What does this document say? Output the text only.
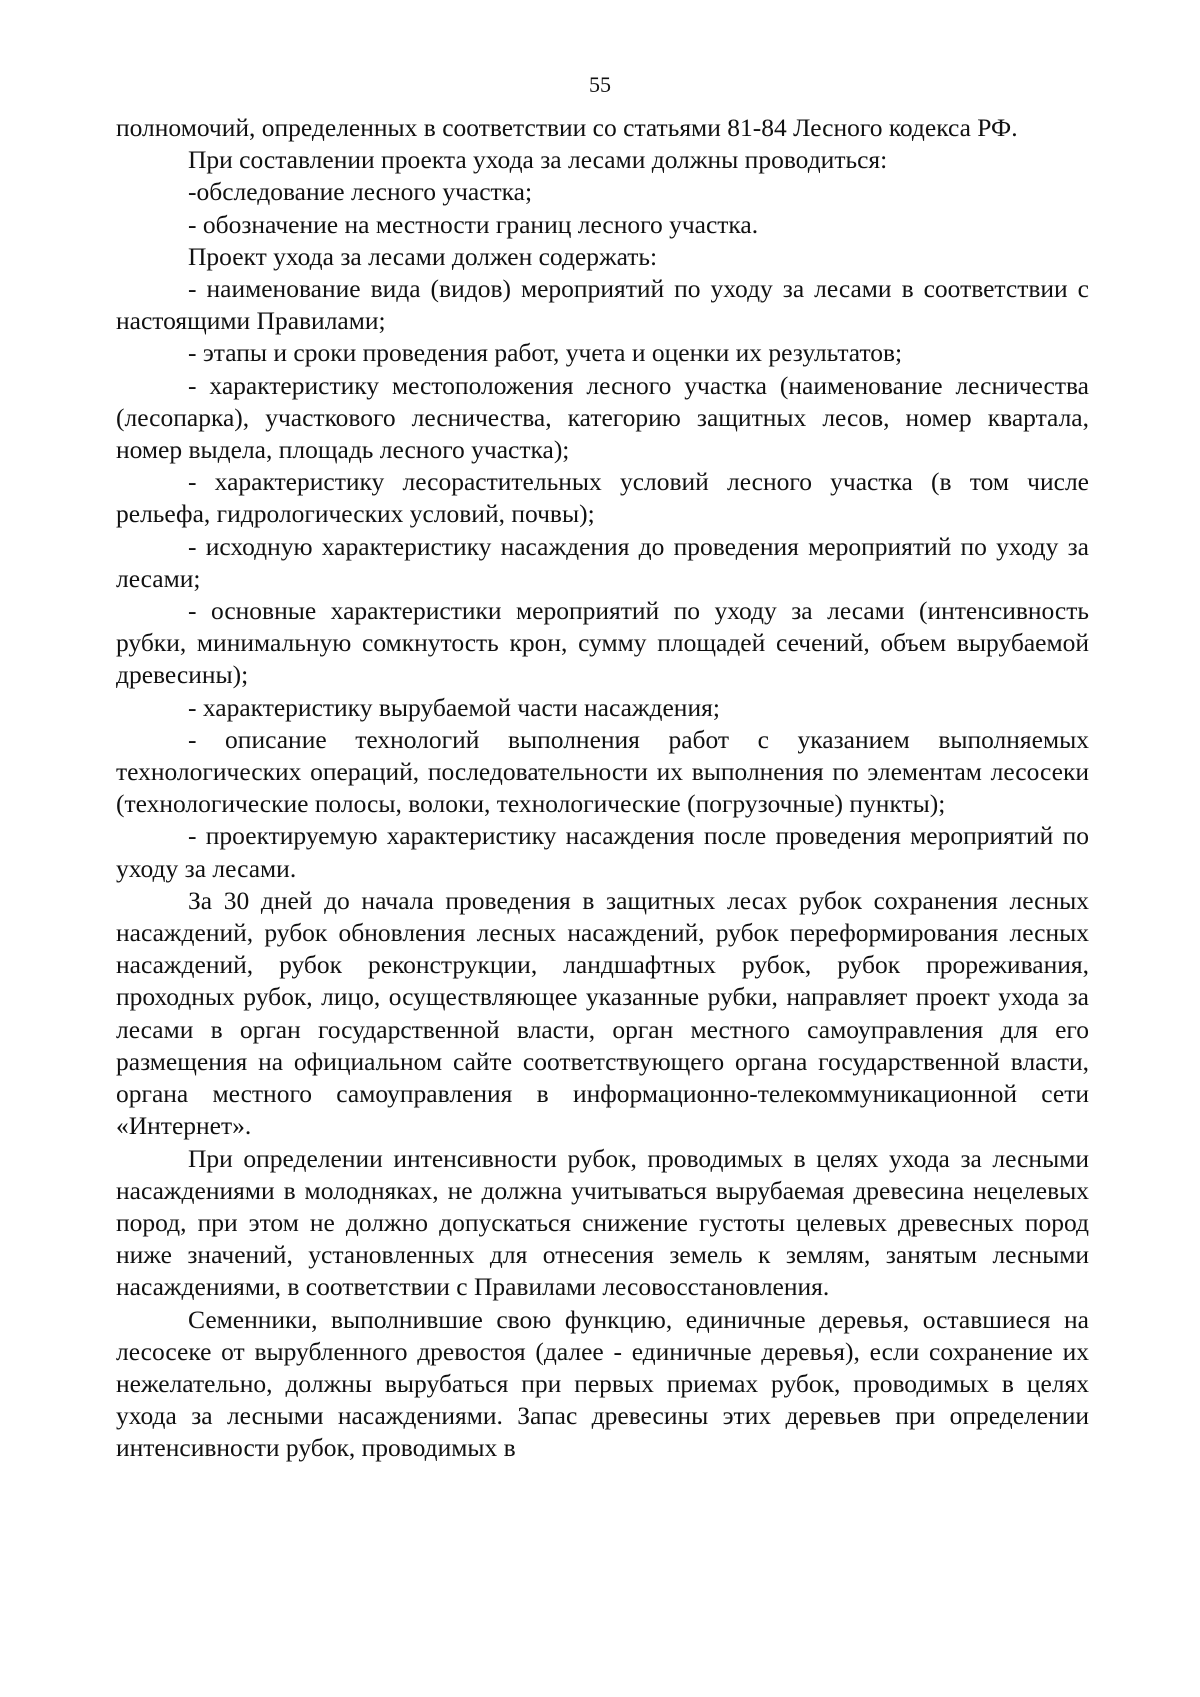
55

полномочий, определенных в соответствии со статьями 81-84 Лесного кодекса РФ.

При составлении проекта ухода за лесами должны проводиться:

-обследование лесного участка;

- обозначение на местности границ лесного участка.

Проект ухода за лесами должен содержать:

- наименование вида (видов) мероприятий по уходу за лесами в соответствии с настоящими Правилами;

- этапы и сроки проведения работ, учета и оценки их результатов;

- характеристику местоположения лесного участка (наименование лесничества (лесопарка), участкового лесничества, категорию защитных лесов, номер квартала, номер выдела, площадь лесного участка);

- характеристику лесорастительных условий лесного участка (в том числе рельефа, гидрологических условий, почвы);

- исходную характеристику насаждения до проведения мероприятий по уходу за лесами;

- основные характеристики мероприятий по уходу за лесами (интенсивность рубки, минимальную сомкнутость крон, сумму площадей сечений, объем вырубаемой древесины);

- характеристику вырубаемой части насаждения;

- описание технологий выполнения работ с указанием выполняемых технологических операций, последовательности их выполнения по элементам лесосеки (технологические полосы, волоки, технологические (погрузочные) пункты);

- проектируемую характеристику насаждения после проведения мероприятий по уходу за лесами.

За 30 дней до начала проведения в защитных лесах рубок сохранения лесных насаждений, рубок обновления лесных насаждений, рубок переформирования лесных насаждений, рубок реконструкции, ландшафтных рубок, рубок прореживания, проходных рубок, лицо, осуществляющее указанные рубки, направляет проект ухода за лесами в орган государственной власти, орган местного самоуправления для его размещения на официальном сайте соответствующего органа государственной власти, органа местного самоуправления в информационно-телекоммуникационной сети «Интернет».

При определении интенсивности рубок, проводимых в целях ухода за лесными насаждениями в молодняках, не должна учитываться вырубаемая древесина нецелевых пород, при этом не должно допускаться снижение густоты целевых древесных пород ниже значений, установленных для отнесения земель к землям, занятым лесными насаждениями, в соответствии с Правилами лесовосстановления.

Семенники, выполнившие свою функцию, единичные деревья, оставшиеся на лесосеке от вырубленного древостоя (далее - единичные деревья), если сохранение их нежелательно, должны вырубаться при первых приемах рубок, проводимых в целях ухода за лесными насаждениями. Запас древесины этих деревьев при определении интенсивности рубок, проводимых в
